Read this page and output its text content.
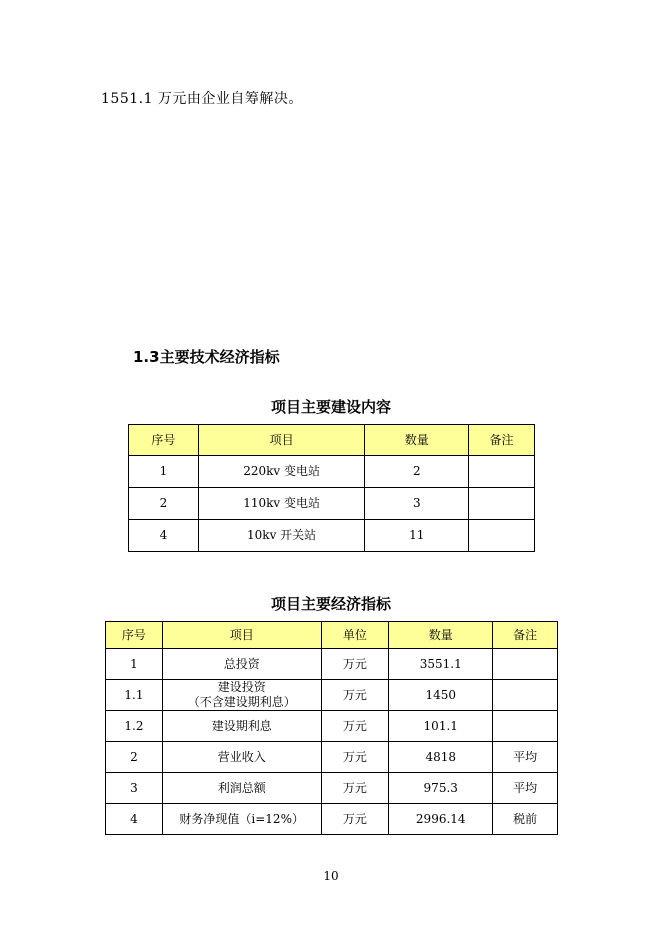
1551.1 万元由企业自筹解决。
1.3主要技术经济指标
项目主要建设内容
序号	项目	数量	备注
1	220kv 变电站	2	
2	110kv 变电站	3	
4	10kv 开关站	11	
项目主要经济指标
序号	项目	单位	数量	备注
1	总投资	万元	3551.1	
1.1	建设投资
（不含建设期利息）	万元	1450	
1.2	建设期利息	万元	101.1	
2	营业收入	万元	4818	平均
3	利润总额	万元	975.3	平均
4	财务净现值（i=12%）	万元	2996.14	税前
10
